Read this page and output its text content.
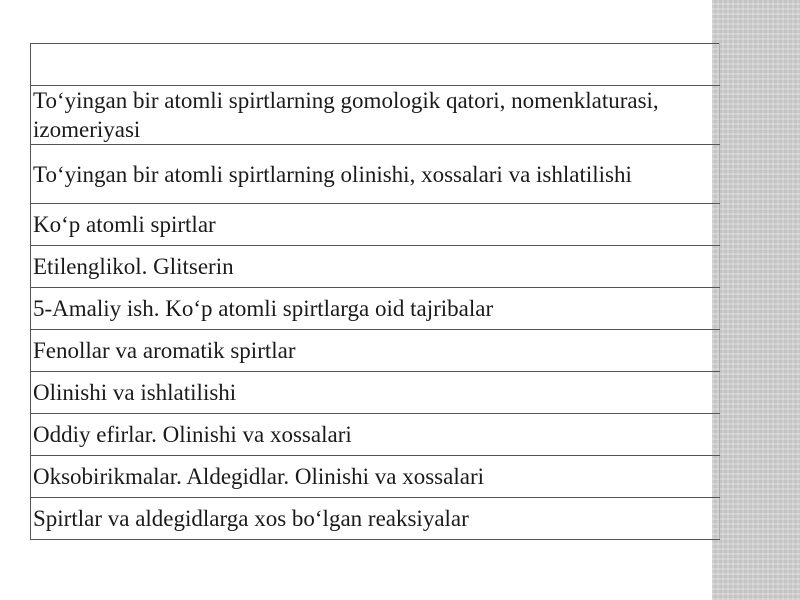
To‘yingan bir atomli spirtlarning gomologik qatori, nomenklaturasi, izomeriyasi
To‘yingan bir atomli spirtlarning olinishi, xossalari va ishlatilishi
Ko‘p atomli spirtlar
Etilenglikol. Glitserin
5-Amaliy ish. Ko‘p atomli spirtlarga oid tajribalar
Fenollar va aromatik spirtlar
Olinishi va ishlatilishi
Oddiy efirlar. Olinishi va xossalari
Oksobirikmalar. Aldegidlar. Olinishi va xossalari
Spirtlar va aldegidlarga xos bo‘lgan reaksiyalar
